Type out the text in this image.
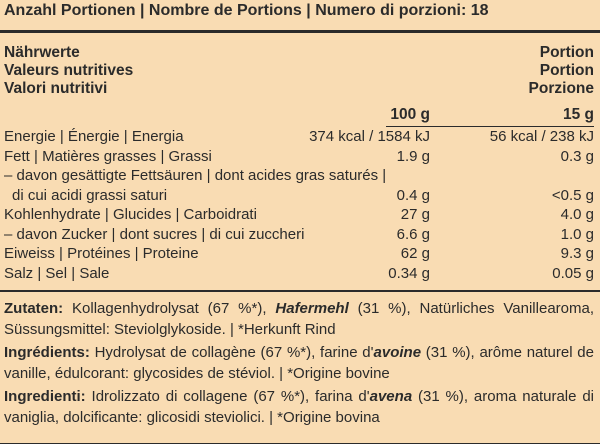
Anzahl Portionen | Nombre de Portions | Numero di porzioni: 18
Nährwerte	Portion
Valeurs nutritives	Portion
Valori nutritivi	Porzione
100 g	15 g
Energie | Énergie | Energia	374 kcal / 1584 kJ	56 kcal / 238 kJ
Fett | Matières grasses | Grassi	1.9 g	0.3 g
– davon gesättigte Fettsäuren | dont acides gras saturés |
di cui acidi grassi saturi	0.4 g	<0.5 g
Kohlenhydrate | Glucides | Carboidrati	27 g	4.0 g
– davon Zucker | dont sucres | di cui zuccheri	6.6 g	1.0 g
Eiweiss | Protéines | Proteine	62 g	9.3 g
Salz | Sel | Sale	0.34 g	0.05 g

Zutaten: Kollagenhydrolysat (67 %*), Hafermehl (31 %), Natürliches Vanillearoma, Süssungsmittel: Steviolglykoside. | *Herkunft Rind

Ingrédients: Hydrolysat de collagène (67 %*), farine d'avoine (31 %), arôme naturel de vanille, édulcorant: glycosides de stéviol. | *Origine bovine

Ingredienti: Idrolizzato di collagene (67 %*), farina d'avena (31 %), aroma naturale di vaniglia, dolcificante: glicosidi steviolici. | *Origine bovina
